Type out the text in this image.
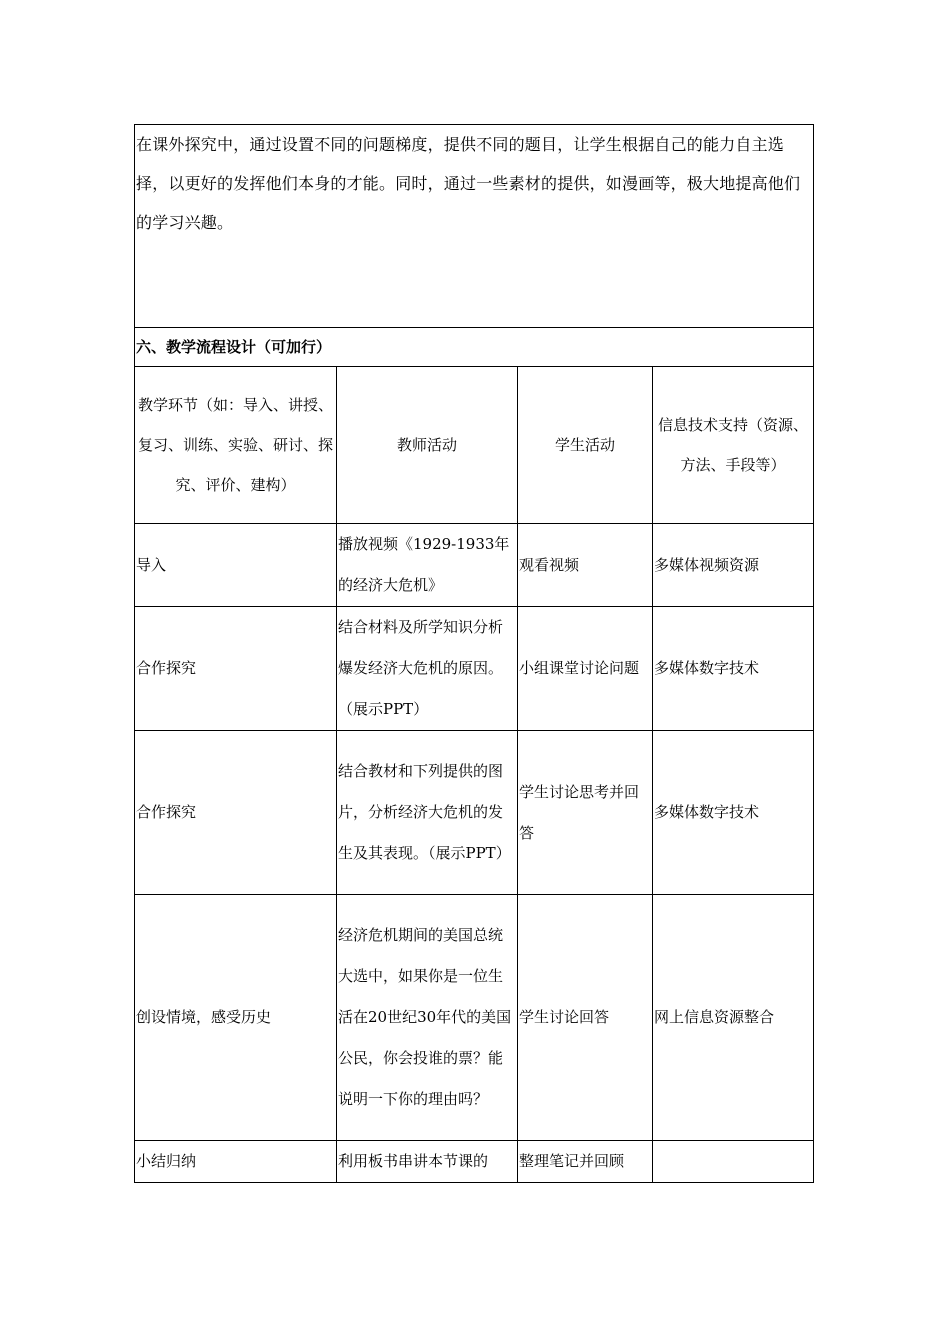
在课外探究中，通过设置不同的问题梯度，提供不同的题目，让学生根据自己的能力自主选择，以更好的发挥他们本身的才能。同时，通过一些素材的提供，如漫画等，极大地提高他们的学习兴趣。			

六、教学流程设计（可加行）			
教学环节（如：导入、讲授、复习、训练、实验、研讨、探究、评价、建构）	教师活动	学生活动	信息技术支持（资源、方法、手段等）
导入	播放视频《1929-1933年的经济大危机》	观看视频	多媒体视频资源
合作探究	结合材料及所学知识分析爆发经济大危机的原因。（展示PPT）	小组课堂讨论问题	多媒体数字技术
合作探究	结合教材和下列提供的图片，分析经济大危机的发生及其表现。（展示PPT）	学生讨论思考并回答	多媒体数字技术
创设情境，感受历史	经济危机期间的美国总统大选中，如果你是一位生活在20世纪30年代的美国公民，你会投谁的票？能说明一下你的理由吗？	学生讨论回答	网上信息资源整合
小结归纳	利用板书串讲本节课的	整理笔记并回顾	
